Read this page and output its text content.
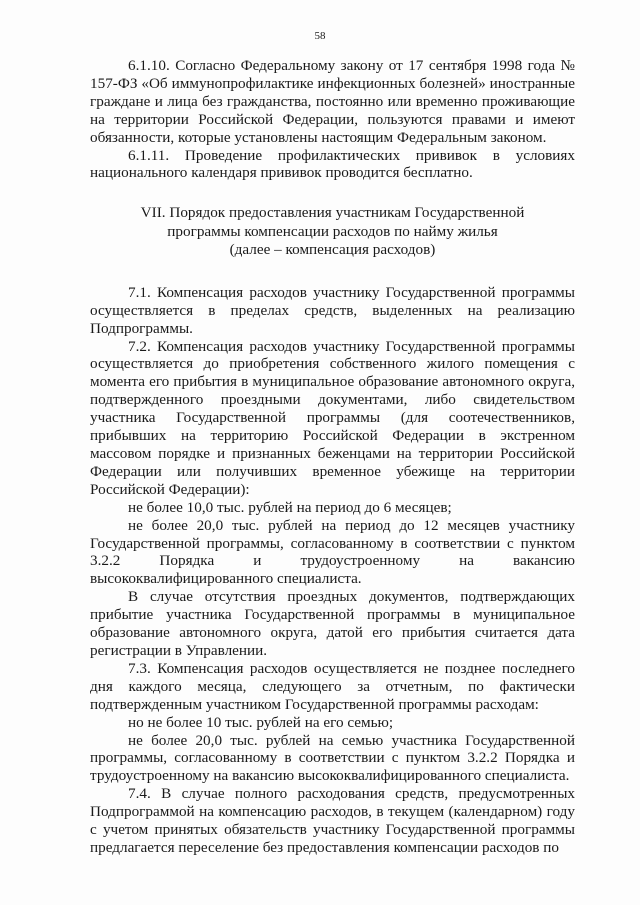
58

6.1.10. Согласно Федеральному закону от 17 сентября 1998 года № 157-ФЗ «Об иммунопрофилактике инфекционных болезней» иностранные граждане и лица без гражданства, постоянно или временно проживающие на территории Российской Федерации, пользуются правами и имеют обязанности, которые установлены настоящим Федеральным законом.

6.1.11. Проведение профилактических прививок в условиях национального календаря прививок проводится бесплатно.

VII. Порядок предоставления участникам Государственной
программы компенсации расходов по найму жилья
(далее – компенсация расходов)

7.1. Компенсация расходов участнику Государственной программы осуществляется в пределах средств, выделенных на реализацию Подпрограммы.

7.2. Компенсация расходов участнику Государственной программы осуществляется до приобретения собственного жилого помещения с момента его прибытия в муниципальное образование автономного округа, подтвержденного проездными документами, либо свидетельством участника Государственной программы (для соотечественников, прибывших на территорию Российской Федерации в экстренном массовом порядке и признанных беженцами на территории Российской Федерации или получивших временное убежище на территории Российской Федерации):

не более 10,0 тыс. рублей на период до 6 месяцев;

не более 20,0 тыс. рублей на период до 12 месяцев участнику Государственной программы, согласованному в соответствии с пунктом 3.2.2 Порядка и трудоустроенному на вакансию высококвалифицированного специалиста.

В случае отсутствия проездных документов, подтверждающих прибытие участника Государственной программы в муниципальное образование автономного округа, датой его прибытия считается дата регистрации в Управлении.

7.3. Компенсация расходов осуществляется не позднее последнего дня каждого месяца, следующего за отчетным, по фактически подтвержденным участником Государственной программы расходам:

но не более 10 тыс. рублей на его семью;

не более 20,0 тыс. рублей на семью участника Государственной программы, согласованному в соответствии с пунктом 3.2.2 Порядка и трудоустроенному на вакансию высококвалифицированного специалиста.

7.4. В случае полного расходования средств, предусмотренных Подпрограммой на компенсацию расходов, в текущем (календарном) году с учетом принятых обязательств участнику Государственной программы предлагается переселение без предоставления компенсации расходов по
